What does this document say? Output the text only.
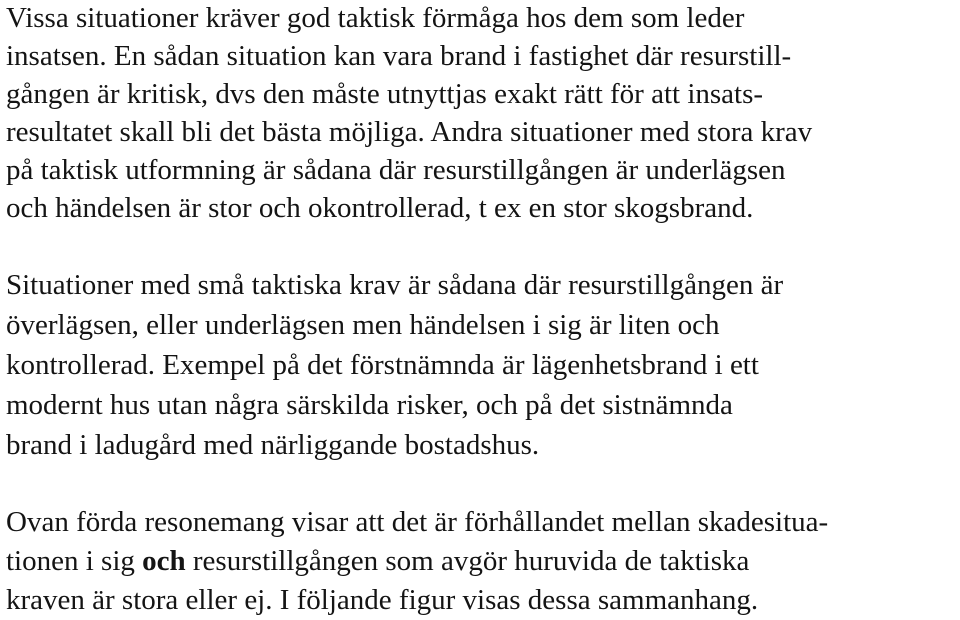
Vissa situationer kräver god taktisk förmåga hos dem som leder
insatsen. En sådan situation kan vara brand i fastighet där resurstill-
gången är kritisk, dvs den måste utnyttjas exakt rätt för att insats-
resultatet skall bli det bästa möjliga. Andra situationer med stora krav
på taktisk utformning är sådana där resurstillgången är underlägsen
och händelsen är stor och okontrollerad, t ex en stor skogsbrand.
Situationer med små taktiska krav är sådana där resurstillgången är
överlägsen, eller underlägsen men händelsen i sig är liten och
kontrollerad. Exempel på det förstnämnda är lägenhetsbrand i ett
modernt hus utan några särskilda risker, och på det sistnämnda
brand i ladugård med närliggande bostadshus.
Ovan förda resonemang visar att det är förhållandet mellan skadesitua-
tionen i sig och resurstillgången som avgör huruvida de taktiska
kraven är stora eller ej. I följande figur visas dessa sammanhang.
